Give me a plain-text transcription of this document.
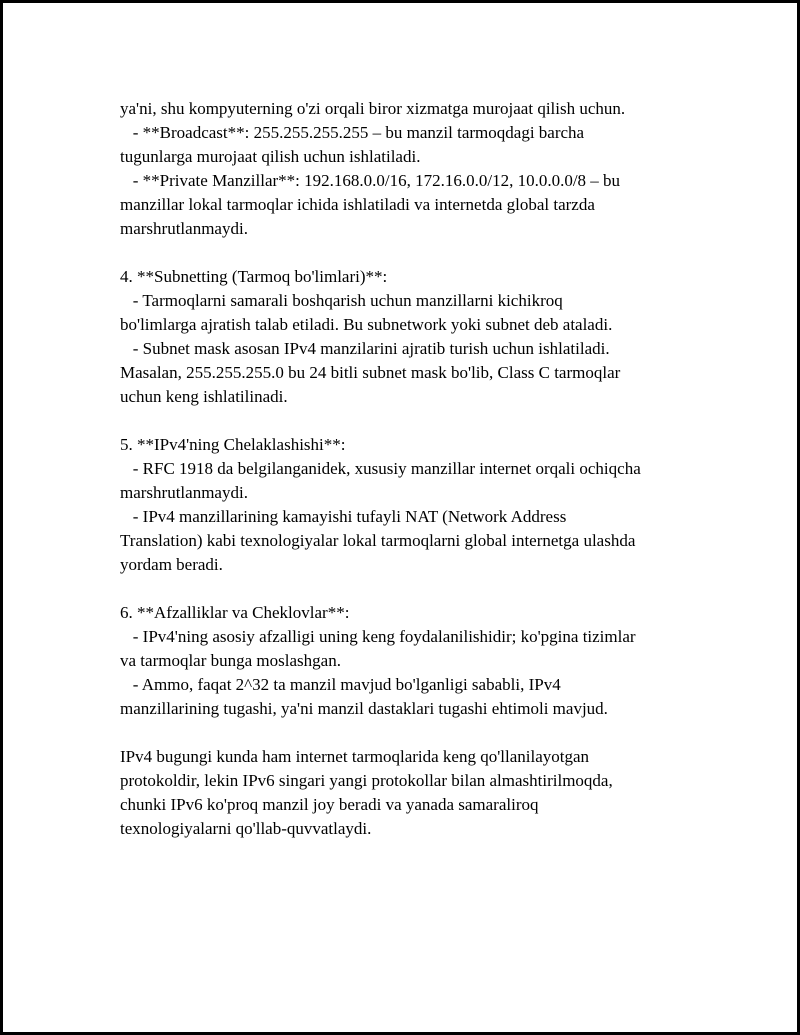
ya'ni, shu kompyuterning o'zi orqali biror xizmatga murojaat qilish uchun.
- **Broadcast**: 255.255.255.255 – bu manzil tarmoqdagi barcha
tugunlarga murojaat qilish uchun ishlatiladi.
- **Private Manzillar**: 192.168.0.0/16, 172.16.0.0/12, 10.0.0.0/8 – bu
manzillar lokal tarmoqlar ichida ishlatiladi va internetda global tarzda
marshrutlanmaydi.
4. **Subnetting (Tarmoq bo'limlari)**:
- Tarmoqlarni samarali boshqarish uchun manzillarni kichikroq
bo'limlarga ajratish talab etiladi. Bu subnetwork yoki subnet deb ataladi.
- Subnet mask asosan IPv4 manzilarini ajratib turish uchun ishlatiladi.
Masalan, 255.255.255.0 bu 24 bitli subnet mask bo'lib, Class C tarmoqlar
uchun keng ishlatilinadi.
5. **IPv4'ning Chelaklashishi**:
- RFC 1918 da belgilanganidek, xususiy manzillar internet orqali ochiqcha
marshrutlanmaydi.
- IPv4 manzillarining kamayishi tufayli NAT (Network Address
Translation) kabi texnologiyalar lokal tarmoqlarni global internetga ulashda
yordam beradi.
6. **Afzalliklar va Cheklovlar**:
- IPv4'ning asosiy afzalligi uning keng foydalanilishidir; ko'pgina tizimlar
va tarmoqlar bunga moslashgan.
- Ammo, faqat 2^32 ta manzil mavjud bo'lganligi sababli, IPv4
manzillarining tugashi, ya'ni manzil dastaklari tugashi ehtimoli mavjud.
IPv4 bugungi kunda ham internet tarmoqlarida keng qo'llanilayotgan
protokoldir, lekin IPv6 singari yangi protokollar bilan almashtirilmoqda,
chunki IPv6 ko'proq manzil joy beradi va yanada samaraliroq
texnologiyalarni qo'llab-quvvatlaydi.
